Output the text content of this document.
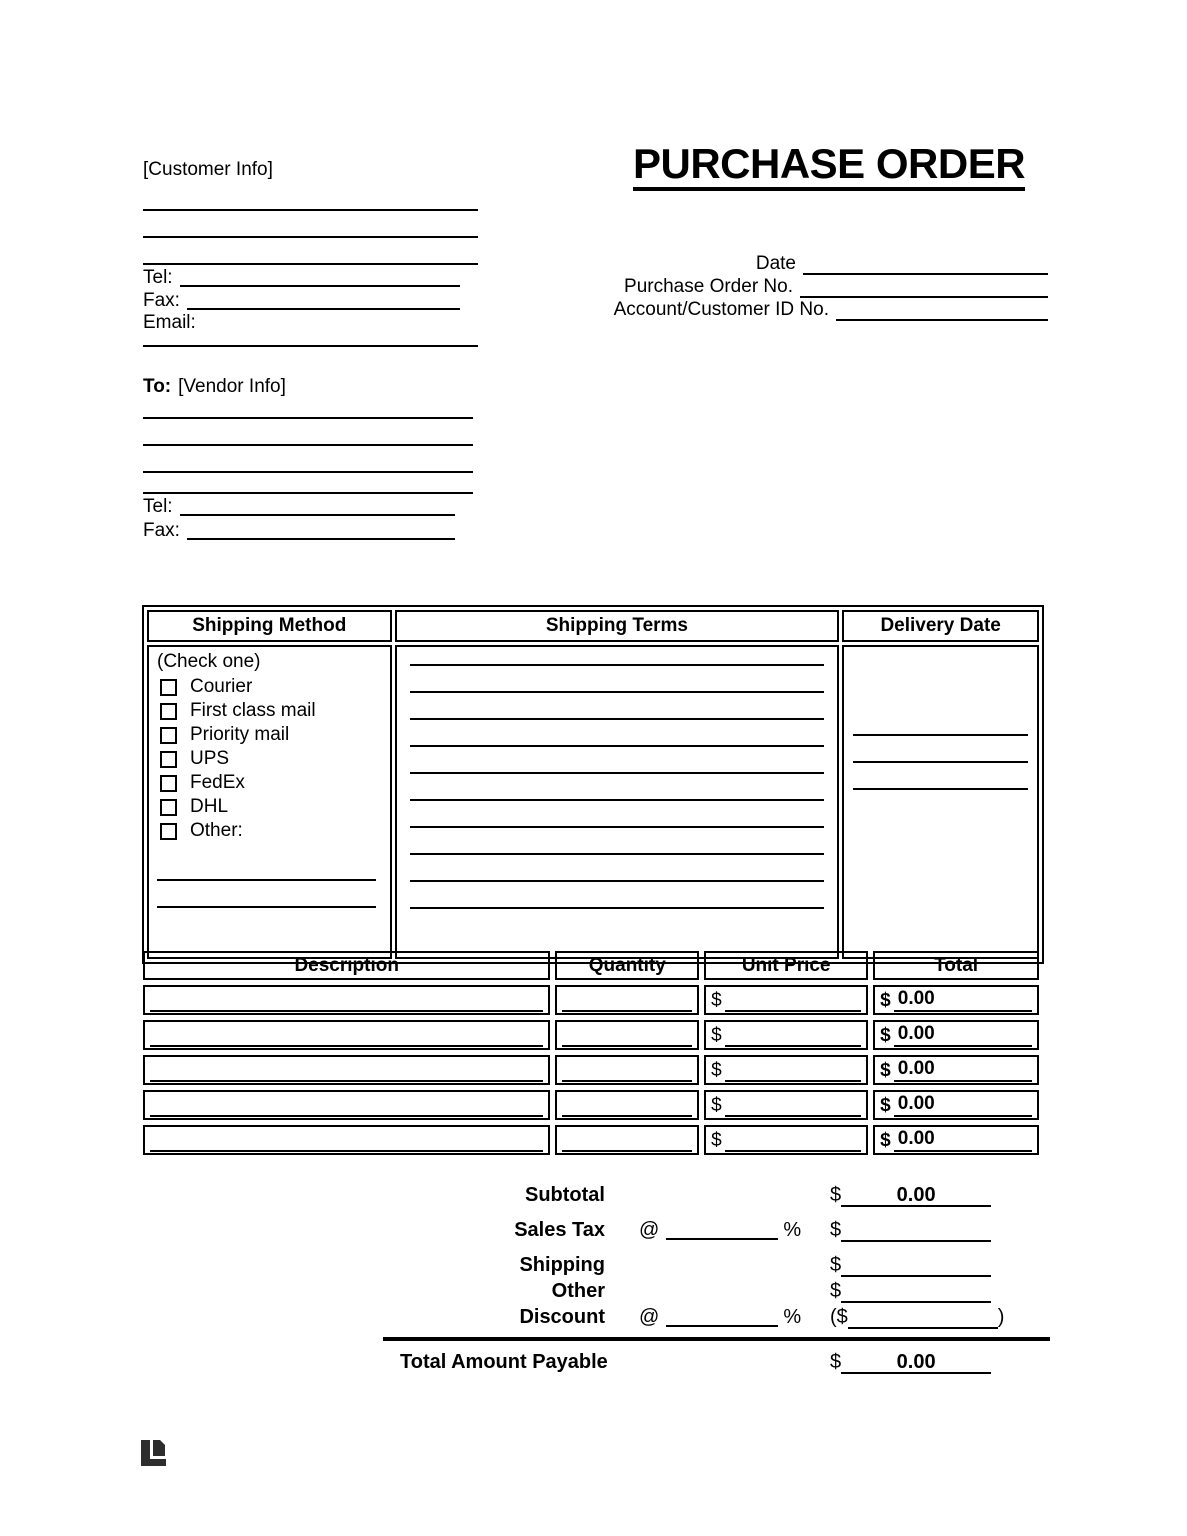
[Customer Info]
Tel:
Fax:
Email:
PURCHASE ORDER
Date
Purchase Order No.
Account/Customer ID No.
To: [Vendor Info]
Tel:
Fax:
Shipping Method	Shipping Terms	Delivery Date

(Check one)
Courier
First class mail
Priority mail
UPS
FedEx
DHL
Other:

Description	Quantity	Unit Price	Total

		$	$ 0.00

		$	$ 0.00

		$	$ 0.00

		$	$ 0.00

		$	$ 0.00
Subtotal	$	0.00
Sales Tax @	% $
Shipping	$
Other	$
Discount @	% ($	)
Total Amount Payable	$	0.00
